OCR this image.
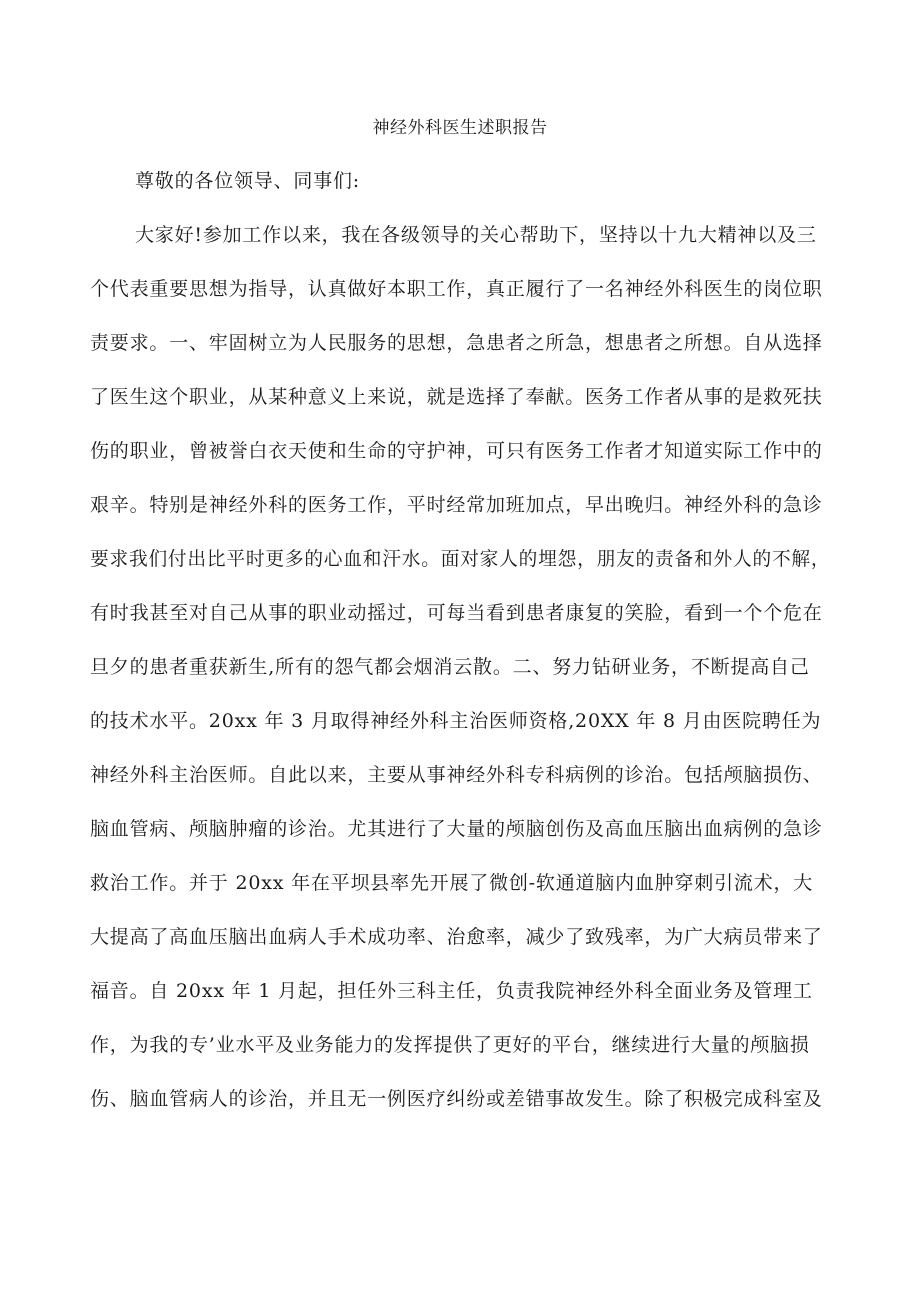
神经外科医生述职报告
尊敬的各位领导、同事们:
大家好!参加工作以来，我在各级领导的关心帮助下，坚持以十九大精神以及三
个代表重要思想为指导，认真做好本职工作，真正履行了一名神经外科医生的岗位职
责要求。一、牢固树立为人民服务的思想，急患者之所急，想患者之所想。自从选择
了医生这个职业，从某种意义上来说，就是选择了奉献。医务工作者从事的是救死扶
伤的职业，曾被誉白衣天使和生命的守护神，可只有医务工作者才知道实际工作中的
艰辛。特别是神经外科的医务工作，平时经常加班加点，早出晚归。神经外科的急诊
要求我们付出比平时更多的心血和汗水。面对家人的埋怨，朋友的责备和外人的不解，
有时我甚至对自己从事的职业动摇过，可每当看到患者康复的笑脸，看到一个个危在
旦夕的患者重获新生,所有的怨气都会烟消云散。二、努力钻研业务，不断提高自己
的技术水平。20xx 年 3 月取得神经外科主治医师资格,20XX 年 8 月由医院聘任为
神经外科主治医师。自此以来，主要从事神经外科专科病例的诊治。包括颅脑损伤、
脑血管病、颅脑肿瘤的诊治。尤其进行了大量的颅脑创伤及高血压脑出血病例的急诊
救治工作。并于 20xx 年在平坝县率先开展了微创-软通道脑内血肿穿刺引流术，大
大提高了高血压脑出血病人手术成功率、治愈率，减少了致残率，为广大病员带来了
福音。自 20xx 年 1 月起，担任外三科主任，负责我院神经外科全面业务及管理工
作，为我的专’业水平及业务能力的发挥提供了更好的平台，继续进行大量的颅脑损
伤、脑血管病人的诊治，并且无一例医疗纠纷或差错事故发生。除了积极完成科室及
